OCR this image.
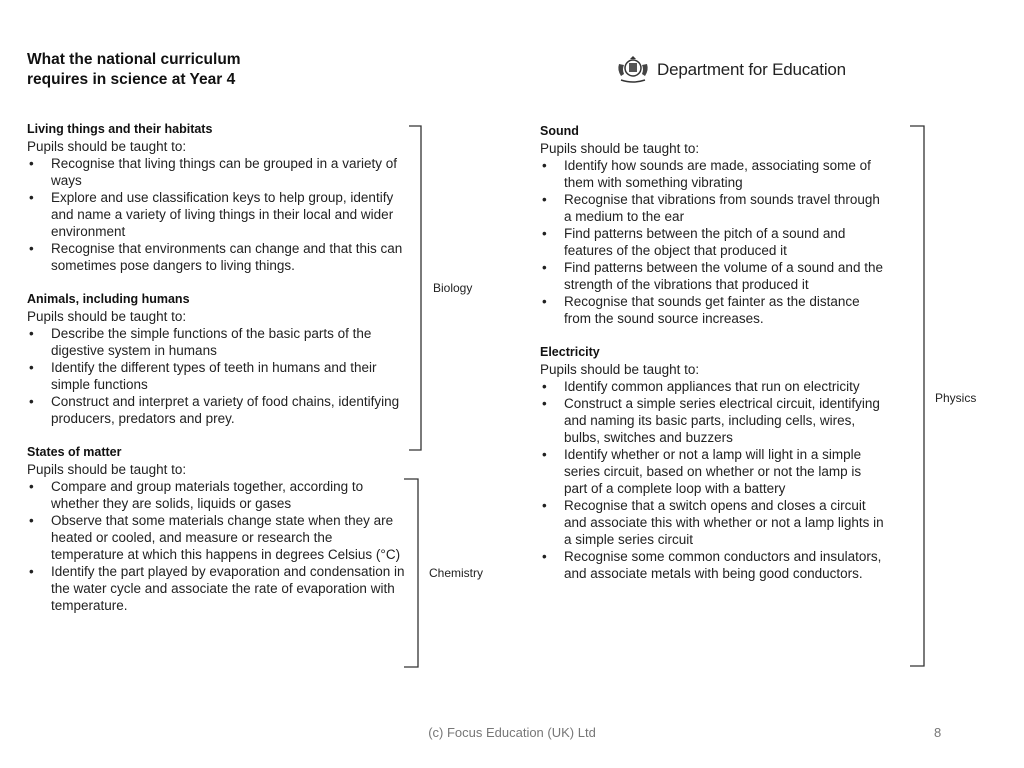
What the national curriculum
requires in science at Year 4
Department for Education
Living things and their habitats
Pupils should be taught to:
• Recognise that living things can be grouped in a variety of ways
• Explore and use classification keys to help group, identify and name a variety of living things in their local and wider environment
• Recognise that environments can change and that this can sometimes pose dangers to living things.
Animals, including humans
Pupils should be taught to:
• Describe the simple functions of the basic parts of the digestive system in humans
• Identify the different types of teeth in humans and their simple functions
• Construct and interpret a variety of food chains, identifying producers, predators and prey.
States of matter
Pupils should be taught to:
• Compare and group materials together, according to whether they are solids, liquids or gases
• Observe that some materials change state when they are heated or cooled, and measure or research the temperature at which this happens in degrees Celsius (°C)
• Identify the part played by evaporation and condensation in the water cycle and associate the rate of evaporation with temperature.
Sound
Pupils should be taught to:
• Identify how sounds are made, associating some of them with something vibrating
• Recognise that vibrations from sounds travel through a medium to the ear
• Find patterns between the pitch of a sound and features of the object that produced it
• Find patterns between the volume of a sound and the strength of the vibrations that produced it
• Recognise that sounds get fainter as the distance from the sound source increases.
Electricity
Pupils should be taught to:
• Identify common appliances that run on electricity
• Construct a simple series electrical circuit, identifying and naming its basic parts, including cells, wires, bulbs, switches and buzzers
• Identify whether or not a lamp will light in a simple series circuit, based on whether or not the lamp is part of a complete loop with a battery
• Recognise that a switch opens and closes a circuit and associate this with whether or not a lamp lights in a simple series circuit
• Recognise some common conductors and insulators, and associate metals with being good conductors.
Biology
Chemistry
Physics
(c) Focus Education (UK) Ltd	8
